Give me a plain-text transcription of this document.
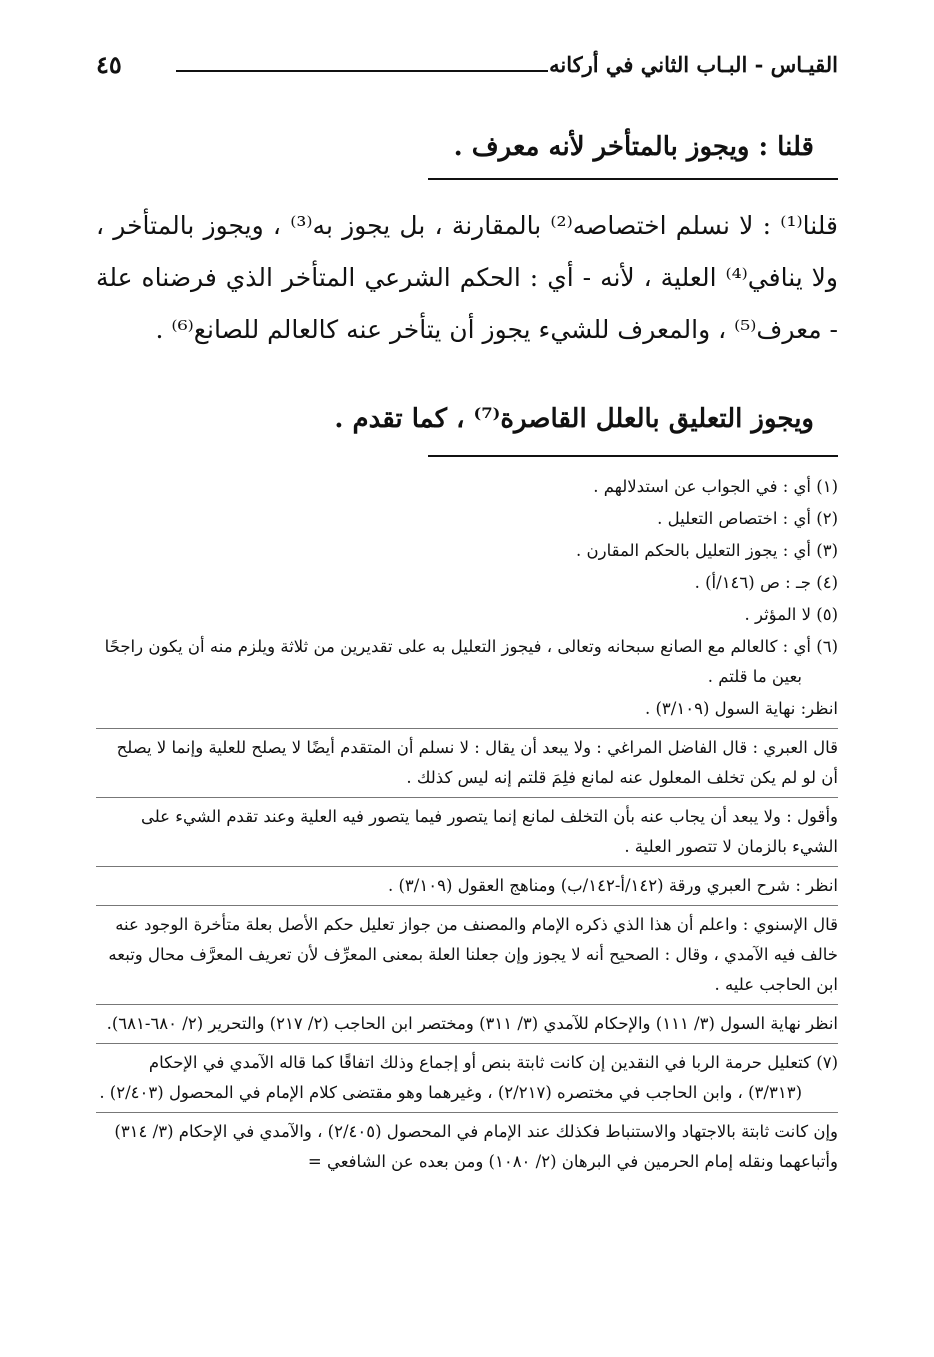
القيـاس - البـاب الثاني في أركانه
٤٥
قلنا : ويجوز بالمتأخر لأنه معرف .

قلنا⁽¹⁾ : لا نسلم اختصاصه⁽²⁾ بالمقارنة ، بل يجوز به⁽³⁾ ، ويجوز بالمتأخر ، ولا ينافي⁽⁴⁾ العلية ، لأنه - أي : الحكم الشرعي المتأخر الذي فرضناه علة - معرف⁽⁵⁾ ، والمعرف للشيء يجوز أن يتأخر عنه كالعالم للصانع⁽⁶⁾ .

ويجوز التعليق بالعلل القاصرة⁽⁷⁾ ، كما تقدم .
(١) أي : في الجواب عن استدلالهم .
(٢) أي : اختصاص التعليل .
(٣) أي : يجوز التعليل بالحكم المقارن .
(٤) جـ : ص (١٤٦/أ) .
(٥) لا المؤثر .
(٦) أي : كالعالم مع الصانع سبحانه وتعالى ، فيجوز التعليل به على تقديرين من ثلاثة ويلزم منه أن يكون راجحًا بعين ما قلتم .
انظر: نهاية السول (٣/١٠٩) .
قال العبري : قال الفاضل المراغي : ولا يبعد أن يقال : لا نسلم أن المتقدم أيضًا لا يصلح للعلية وإنما لا يصلح أن لو لم يكن تخلف المعلول عنه لمانع فلِمَ قلتم إنه ليس كذلك .
وأقول : ولا يبعد أن يجاب عنه بأن التخلف لمانع إنما يتصور فيما يتصور فيه العلية وعند تقدم الشيء على الشيء بالزمان لا تتصور العلية .
انظر : شرح العبري ورقة (١٤٢/أ-١٤٢/ب) ومناهج العقول (٣/١٠٩) .
قال الإسنوي : واعلم أن هذا الذي ذكره الإمام والمصنف من جواز تعليل حكم الأصل بعلة متأخرة الوجود عنه خالف فيه الآمدي ، وقال : الصحيح أنه لا يجوز وإن جعلنا العلة بمعنى المعرِّف لأن تعريف المعرَّف محال وتبعه ابن الحاجب عليه .
انظر نهاية السول (٣/ ١١١) والإحكام للآمدي (٣/ ٣١١) ومختصر ابن الحاجب (٢/ ٢١٧) والتحرير (٢/ ٦٨٠-٦٨١).
(٧) كتعليل حرمة الربا في النقدين إن كانت ثابتة بنص أو إجماع وذلك اتفاقًا كما قاله الآمدي في الإحكام (٣/٣١٣) ، وابن الحاجب في مختصره (٢/٢١٧) ، وغيرهما وهو مقتضى كلام الإمام في المحصول (٢/٤٠٣) .
وإن كانت ثابتة بالاجتهاد والاستنباط فكذلك عند الإمام في المحصول (٢/٤٠٥) ، والآمدي في الإحكام (٣/ ٣١٤) وأتباعهما ونقله إمام الحرمين في البرهان (٢/ ١٠٨٠) ومن بعده عن الشافعي =
